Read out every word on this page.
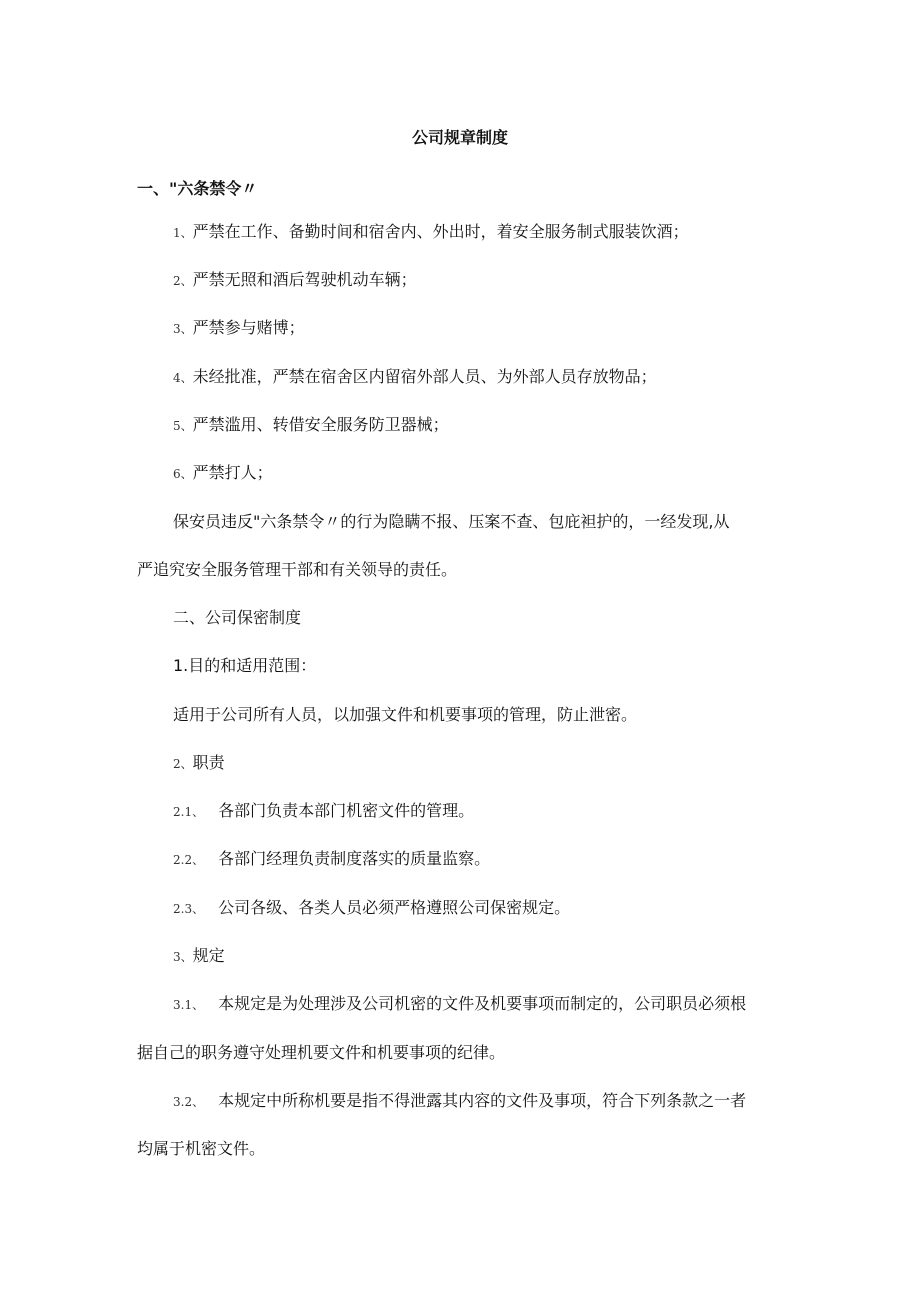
公司规章制度

一、"六条禁令〃

1、严禁在工作、备勤时间和宿舍内、外出时，着安全服务制式服装饮酒；

2、严禁无照和酒后驾驶机动车辆；

3、严禁参与赌博；

4、未经批准，严禁在宿舍区内留宿外部人员、为外部人员存放物品；

5、严禁滥用、转借安全服务防卫器械；

6、严禁打人；

保安员违反"六条禁令〃的行为隐瞒不报、压案不查、包庇袒护的，一经发现,从

严追究安全服务管理干部和有关领导的责任。

二、公司保密制度

1.目的和适用范围：

适用于公司所有人员，以加强文件和机要事项的管理，防止泄密。

2、职责

2.1、 各部门负责本部门机密文件的管理。

2.2、 各部门经理负责制度落实的质量监察。

2.3、 公司各级、各类人员必须严格遵照公司保密规定。

3、规定

3.1、 本规定是为处理涉及公司机密的文件及机要事项而制定的，公司职员必须根

据自己的职务遵守处理机要文件和机要事项的纪律。

3.2、 本规定中所称机要是指不得泄露其内容的文件及事项，符合下列条款之一者

均属于机密文件。
